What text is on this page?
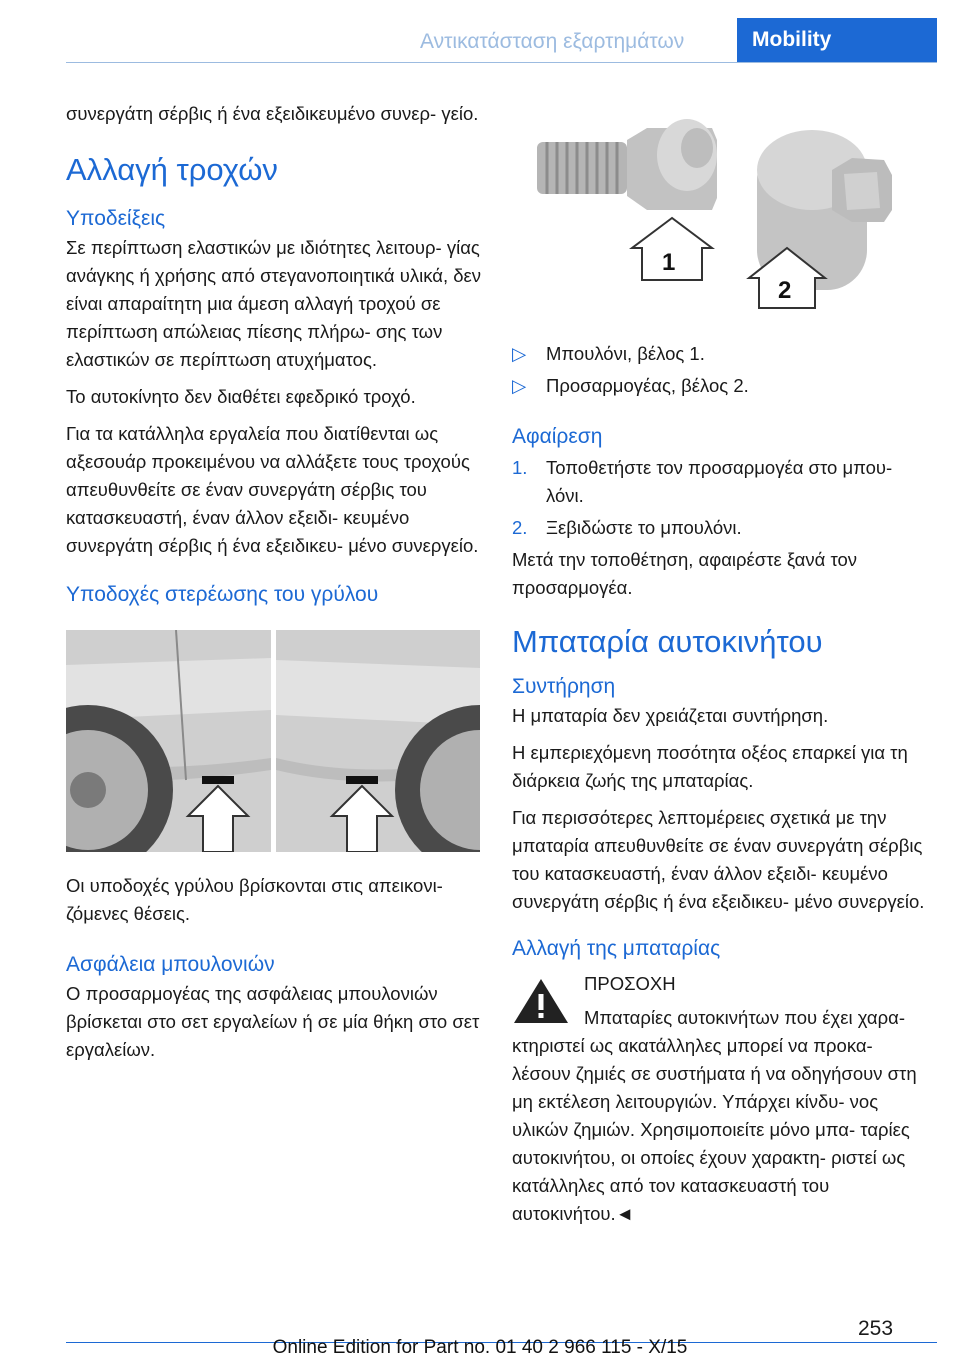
Αντικατάσταση εξαρτημάτων	Mobility

συνεργάτη σέρβις ή ένα εξειδικευμένο συνερ‐ γείο.

Αλλαγή τροχών
Υποδείξεις

Σε περίπτωση ελαστικών με ιδιότητες λειτουρ‐ γίας ανάγκης ή χρήσης από στεγανοποιητικά υλικά, δεν είναι απαραίτητη μια άμεση αλλαγή τροχού σε περίπτωση απώλειας πίεσης πλήρω‐ σης των ελαστικών σε περίπτωση ατυχήματος.

Το αυτοκίνητο δεν διαθέτει εφεδρικό τροχό.

Για τα κατάλληλα εργαλεία που διατίθενται ως αξεσουάρ προκειμένου να αλλάξετε τους τροχούς απευθυνθείτε σε έναν συνεργάτη σέρβις του κατασκευαστή, έναν άλλον εξειδι‐ κευμένο συνεργάτη σέρβις ή ένα εξειδικευ‐ μένο συνεργείο.

Υποδοχές στερέωσης του γρύλου

Οι υποδοχές γρύλου βρίσκονται στις απεικονι‐ ζόμενες θέσεις.

Ασφάλεια μπουλονιών

Ο προσαρμογέας της ασφάλειας μπουλονιών βρίσκεται στο σετ εργαλείων ή σε μία θήκη στο σετ εργαλείων.

1
2
▷	Μπουλόνι, βέλος 1.
▷	Προσαρμογέας, βέλος 2.
Αφαίρεση
1.	Τοποθετήστε τον προσαρμογέα στο μπου‐ λόνι.
2.	Ξεβιδώστε το μπουλόνι.

Μετά την τοποθέτηση, αφαιρέστε ξανά τον προσαρμογέα.

Μπαταρία αυτοκινήτου
Συντήρηση

Η μπαταρία δεν χρειάζεται συντήρηση.

Η εμπεριεχόμενη ποσότητα οξέος επαρκεί για τη διάρκεια ζωής της μπαταρίας.

Για περισσότερες λεπτομέρειες σχετικά με την μπαταρία απευθυνθείτε σε έναν συνεργάτη σέρβις του κατασκευαστή, έναν άλλον εξειδι‐ κευμένο συνεργάτη σέρβις ή ένα εξειδικευ‐ μένο συνεργείο.

Αλλαγή της μπαταρίας
ΠΡΟΣΟΧΗ

Μπαταρίες αυτοκινήτων που έχει χαρα‐ κτηριστεί ως ακατάλληλες μπορεί να προκα‐ λέσουν ζημιές σε συστήματα ή να οδηγήσουν στη μη εκτέλεση λειτουργιών. Υπάρχει κίνδυ‐ νος υλικών ζημιών. Χρησιμοποιείτε μόνο μπα‐ ταρίες αυτοκινήτου, οι οποίες έχουν χαρακτη‐ ριστεί ως κατάλληλες από τον κατασκευαστή του αυτοκινήτου.◄

253
Online Edition for Part no. 01 40 2 966 115 - X/15
